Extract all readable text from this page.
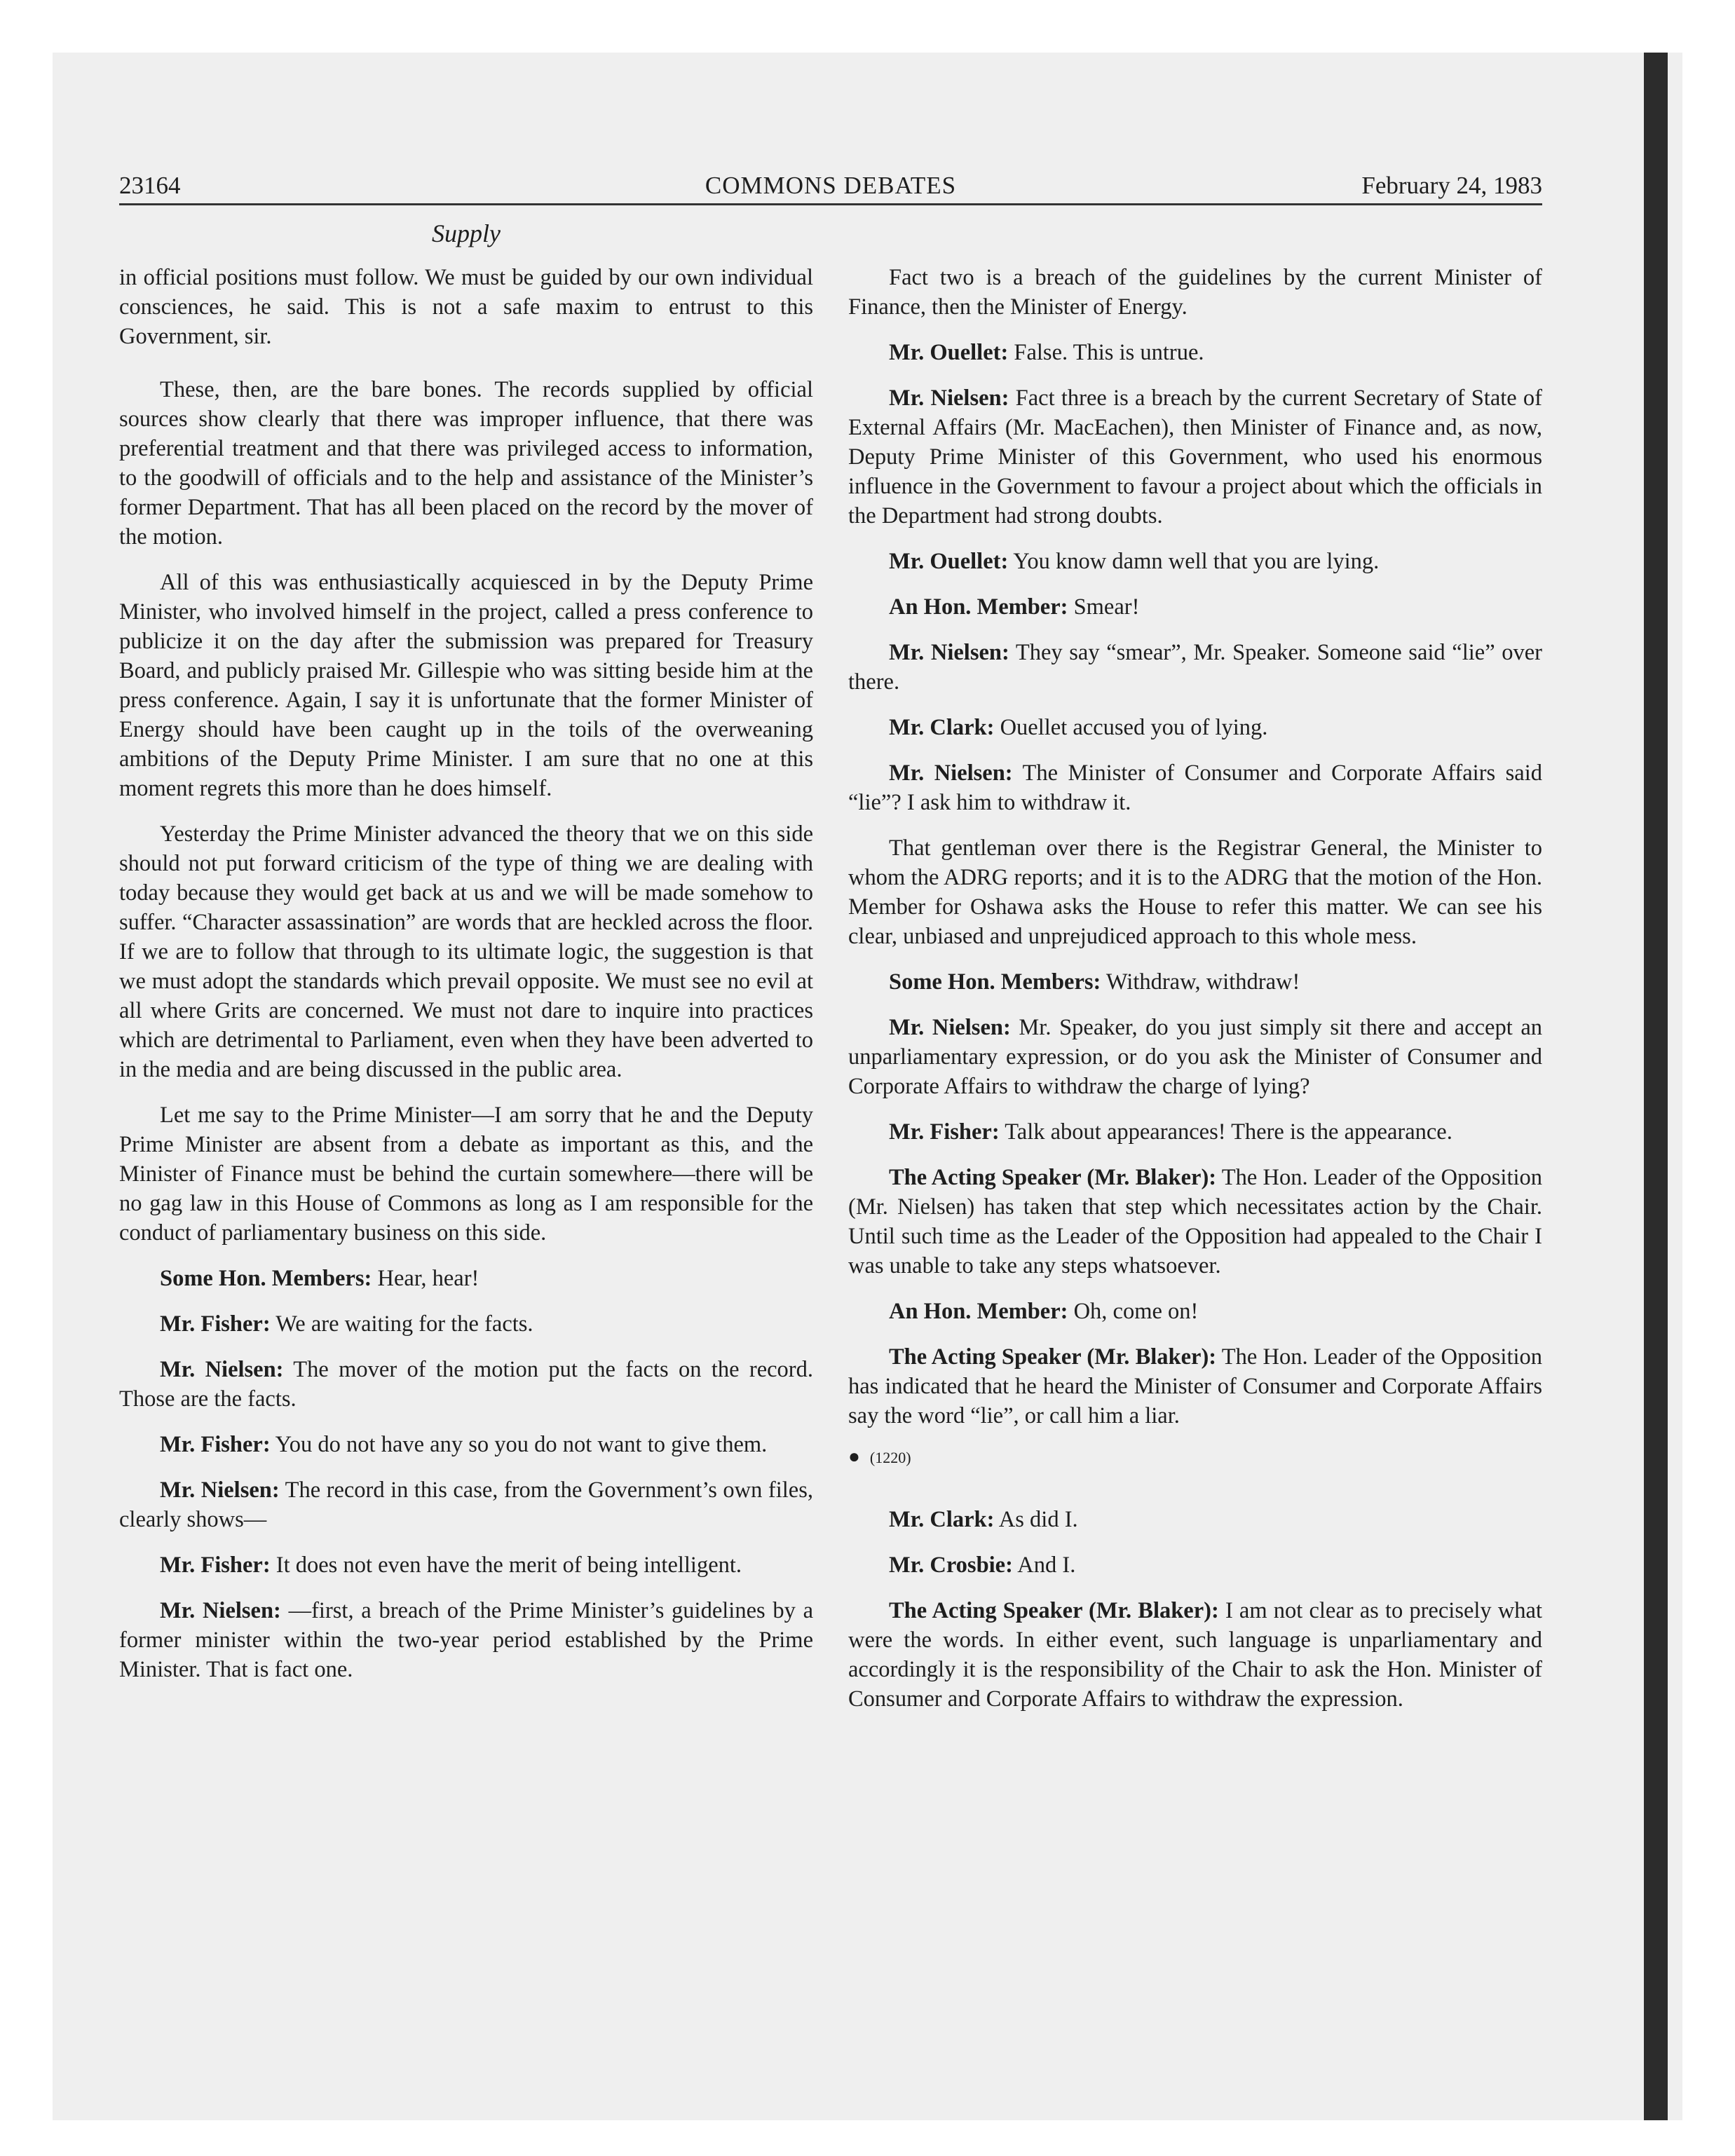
23164	COMMONS DEBATES	February 24, 1983
Supply

in official positions must follow. We must be guided by our own individual consciences, he said. This is not a safe maxim to entrust to this Government, sir.

These, then, are the bare bones. The records supplied by official sources show clearly that there was improper influence, that there was preferential treatment and that there was privileged access to information, to the goodwill of officials and to the help and assistance of the Minister’s former Department. That has all been placed on the record by the mover of the motion.

All of this was enthusiastically acquiesced in by the Deputy Prime Minister, who involved himself in the project, called a press conference to publicize it on the day after the submission was prepared for Treasury Board, and publicly praised Mr. Gillespie who was sitting beside him at the press conference. Again, I say it is unfortunate that the former Minister of Energy should have been caught up in the toils of the overweaning ambitions of the Deputy Prime Minister. I am sure that no one at this moment regrets this more than he does himself.

Yesterday the Prime Minister advanced the theory that we on this side should not put forward criticism of the type of thing we are dealing with today because they would get back at us and we will be made somehow to suffer. “Character assassination” are words that are heckled across the floor. If we are to follow that through to its ultimate logic, the suggestion is that we must adopt the standards which prevail opposite. We must see no evil at all where Grits are concerned. We must not dare to inquire into practices which are detrimental to Parliament, even when they have been adverted to in the media and are being discussed in the public area.

Let me say to the Prime Minister—I am sorry that he and the Deputy Prime Minister are absent from a debate as important as this, and the Minister of Finance must be behind the curtain somewhere—there will be no gag law in this House of Commons as long as I am responsible for the conduct of parliamentary business on this side.

Some Hon. Members: Hear, hear!

Mr. Fisher: We are waiting for the facts.

Mr. Nielsen: The mover of the motion put the facts on the record. Those are the facts.

Mr. Fisher: You do not have any so you do not want to give them.

Mr. Nielsen: The record in this case, from the Government’s own files, clearly shows—

Mr. Fisher: It does not even have the merit of being intelligent.

Mr. Nielsen: —first, a breach of the Prime Minister’s guidelines by a former minister within the two-year period established by the Prime Minister. That is fact one.

Fact two is a breach of the guidelines by the current Minister of Finance, then the Minister of Energy.

Mr. Ouellet: False. This is untrue.

Mr. Nielsen: Fact three is a breach by the current Secretary of State of External Affairs (Mr. MacEachen), then Minister of Finance and, as now, Deputy Prime Minister of this Government, who used his enormous influence in the Government to favour a project about which the officials in the Department had strong doubts.

Mr. Ouellet: You know damn well that you are lying.

An Hon. Member: Smear!

Mr. Nielsen: They say “smear”, Mr. Speaker. Someone said “lie” over there.

Mr. Clark: Ouellet accused you of lying.

Mr. Nielsen: The Minister of Consumer and Corporate Affairs said “lie”? I ask him to withdraw it.

That gentleman over there is the Registrar General, the Minister to whom the ADRG reports; and it is to the ADRG that the motion of the Hon. Member for Oshawa asks the House to refer this matter. We can see his clear, unbiased and unprejudiced approach to this whole mess.

Some Hon. Members: Withdraw, withdraw!

Mr. Nielsen: Mr. Speaker, do you just simply sit there and accept an unparliamentary expression, or do you ask the Minister of Consumer and Corporate Affairs to withdraw the charge of lying?

Mr. Fisher: Talk about appearances! There is the appearance.

The Acting Speaker (Mr. Blaker): The Hon. Leader of the Opposition (Mr. Nielsen) has taken that step which necessitates action by the Chair. Until such time as the Leader of the Opposition had appealed to the Chair I was unable to take any steps whatsoever.

An Hon. Member: Oh, come on!

The Acting Speaker (Mr. Blaker): The Hon. Leader of the Opposition has indicated that he heard the Minister of Consumer and Corporate Affairs say the word “lie”, or call him a liar.

● (1220)

Mr. Clark: As did I.

Mr. Crosbie: And I.

The Acting Speaker (Mr. Blaker): I am not clear as to precisely what were the words. In either event, such language is unparliamentary and accordingly it is the responsibility of the Chair to ask the Hon. Minister of Consumer and Corporate Affairs to withdraw the expression.
